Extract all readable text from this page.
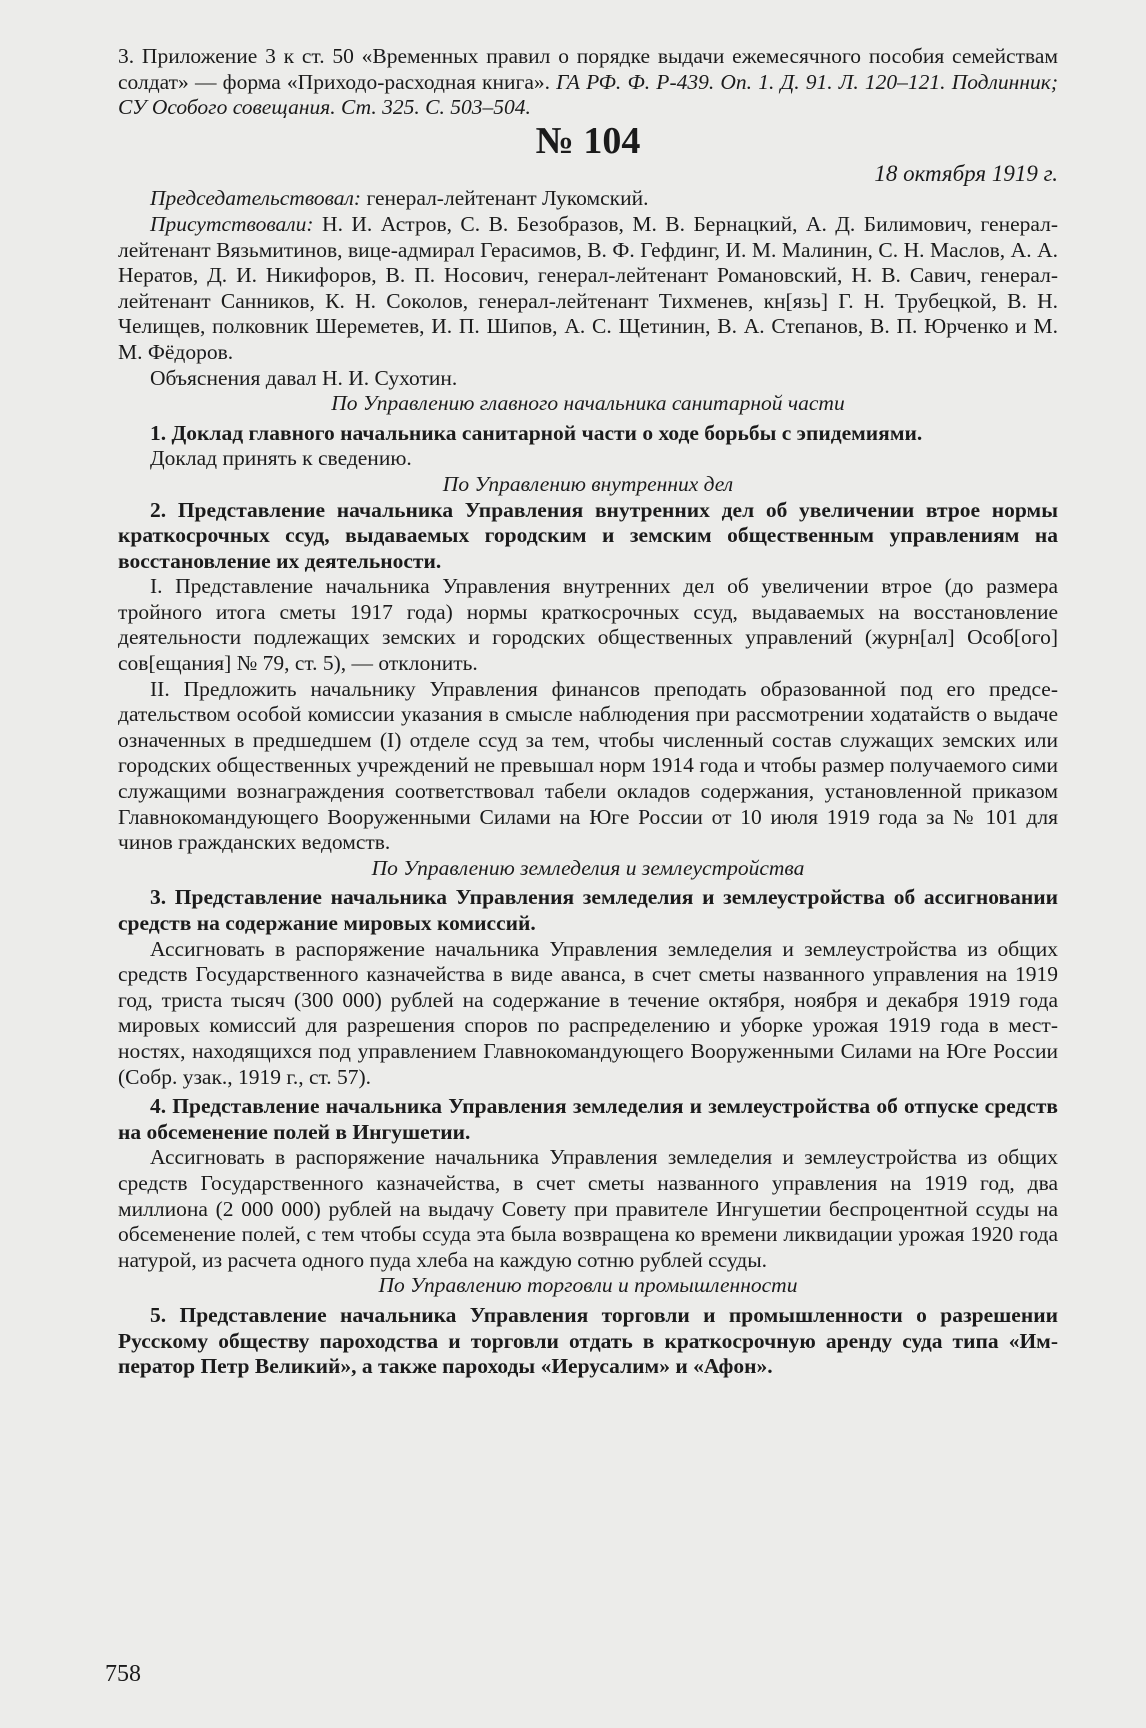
3. Приложение 3 к ст. 50 «Временных правил о порядке выдачи ежемесячного пособия семействам солдат» — форма «Приходо-расходная книга». ГА РФ. Ф. Р-439. Оп. 1. Д. 91. Л. 120–121. Подлинник; СУ Особого совещания. Ст. 325. С. 503–504.

№ 104

18 октября 1919 г.

Председательствовал: генерал-лейтенант Лукомский.

Присутствовали: Н. И. Астров, С. В. Безобразов, М. В. Бернацкий, А. Д. Билимович, генерал-лейтенант Вязьмитинов, вице-адмирал Герасимов, В. Ф. Гефдинг, И. М. Малинин, С. Н. Маслов, А. А. Нератов, Д. И. Никифоров, В. П. Носович, генерал-лейтенант Романовский, Н. В. Савич, генерал-лейтенант Санников, К. Н. Соколов, генерал-лейтенант Тихменев, кн[язь] Г. Н. Трубецкой, В. Н. Челищев, полковник Шереметев, И. П. Шипов, А. С. Щетинин, В. А. Степанов, В. П. Юрченко и М. М. Фёдоров.

Объяснения давал Н. И. Сухотин.

По Управлению главного начальника санитарной части

1. Доклад главного начальника санитарной части о ходе борьбы с эпидемиями.

Доклад принять к сведению.

По Управлению внутренних дел

2. Представление начальника Управления внутренних дел об увеличении втрое нормы краткосрочных ссуд, выдаваемых городским и земским общественным управлениям на восстановление их деятельности.

I. Представление начальника Управления внутренних дел об увеличении втрое (до размера тройного итога сметы 1917 года) нормы краткосрочных ссуд, выдаваемых на восстановление деятельности подлежащих земских и городских общественных управлений (журн[ал] Особ[ого] сов[ещания] № 79, ст. 5), — отклонить.

II. Предложить начальнику Управления финансов преподать образованной под его председательством особой комиссии указания в смысле наблюдения при рассмотрении ходатайств о выдаче означенных в предшедшем (I) отделе ссуд за тем, чтобы численный состав служащих земских или городских общественных учреждений не превышал норм 1914 года и чтобы размер получаемого сими служащими вознаграждения соответствовал табели окладов содержания, установленной приказом Главнокомандующего Вооруженными Силами на Юге России от 10 июля 1919 года за № 101 для чинов гражданских ведомств.

По Управлению земледелия и землеустройства

3. Представление начальника Управления земледелия и землеустройства об ассигновании средств на содержание мировых комиссий.

Ассигновать в распоряжение начальника Управления земледелия и землеустройства из общих средств Государственного казначейства в виде аванса, в счет сметы названного управления на 1919 год, триста тысяч (300 000) рублей на содержание в течение октября, ноября и декабря 1919 года мировых комиссий для разрешения споров по распределению и уборке урожая 1919 года в местностях, находящихся под управлением Главнокомандующего Вооруженными Силами на Юге России (Собр. узак., 1919 г., ст. 57).

4. Представление начальника Управления земледелия и землеустройства об отпуске средств на обсеменение полей в Ингушетии.

Ассигновать в распоряжение начальника Управления земледелия и землеустройства из общих средств Государственного казначейства, в счет сметы названного управления на 1919 год, два миллиона (2 000 000) рублей на выдачу Совету при правителе Ингушетии беспроцентной ссуды на обсеменение полей, с тем чтобы ссуда эта была возвращена ко времени ликвидации урожая 1920 года натурой, из расчета одного пуда хлеба на каждую сотню рублей ссуды.

По Управлению торговли и промышленности

5. Представление начальника Управления торговли и промышленности о разрешении Русскому обществу пароходства и торговли отдать в краткосрочную аренду суда типа «Император Петр Великий», а также пароходы «Иерусалим» и «Афон».

758
